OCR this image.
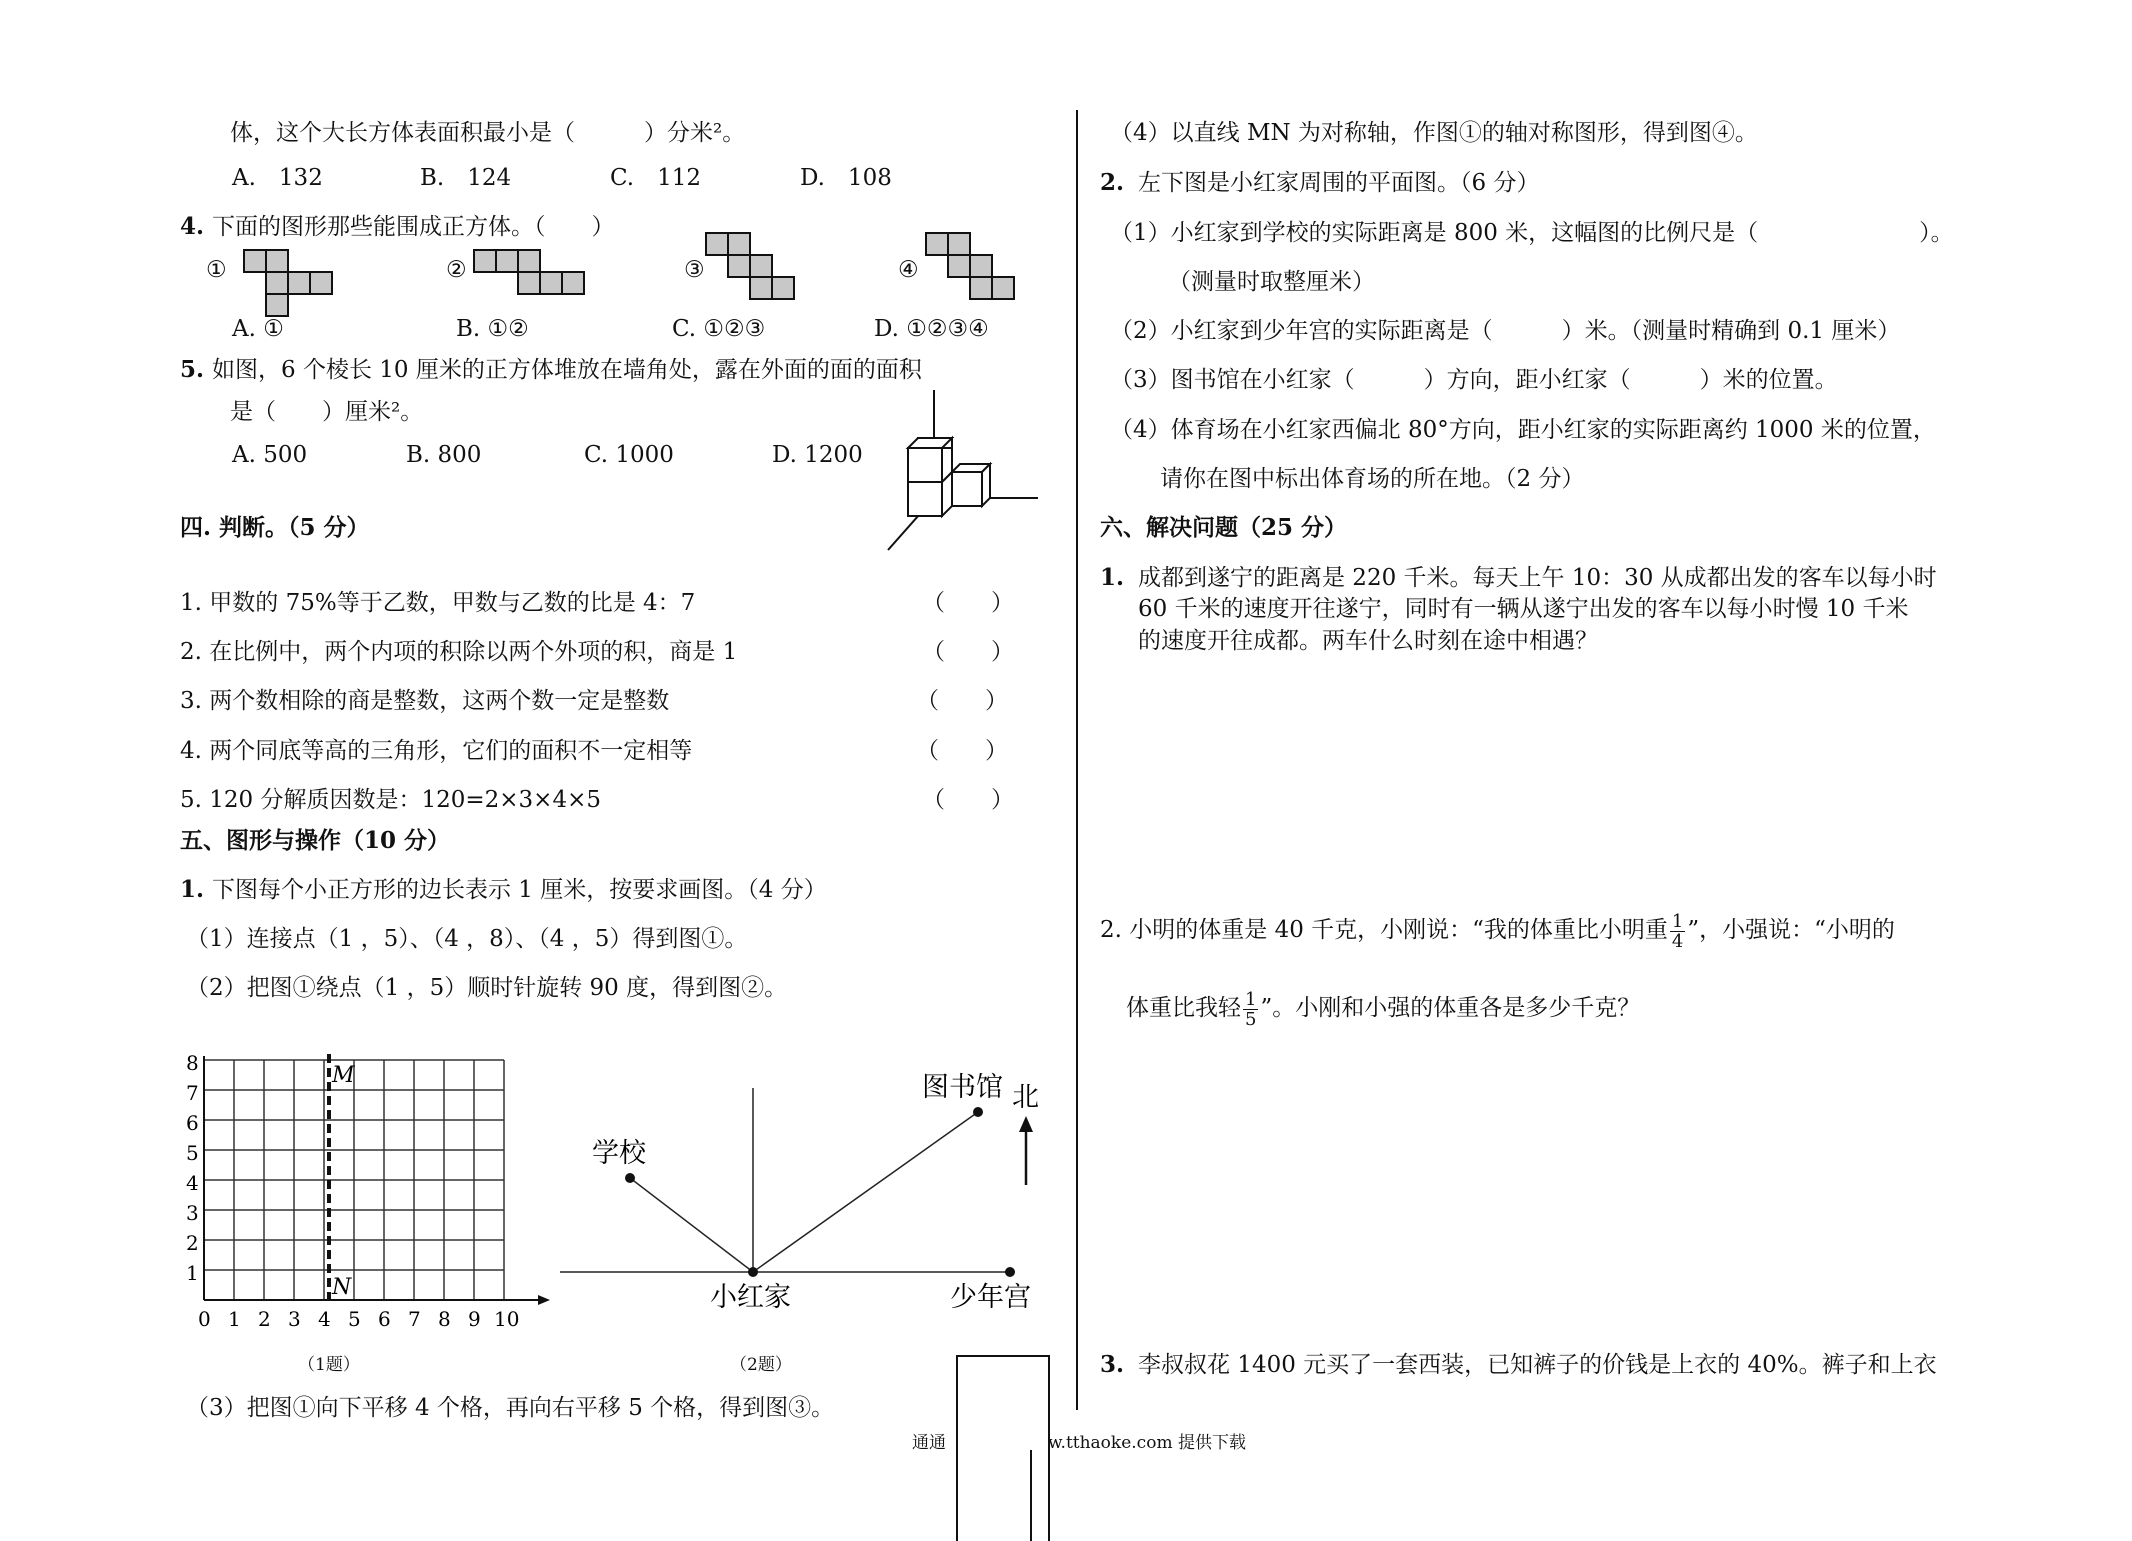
体，这个大长方体表面积最小是（　　　）分米²。
A.　132	B.　124	C.　112	D.　108
4. 下面的图形那些能围成正方体。（　　）
①	②	③	④
A. ①	B. ①②	C. ①②③	D. ①②③④
5. 如图，6 个棱长 10 厘米的正方体堆放在墙角处，露在外面的面的面积
是（　　）厘米²。
A. 500	B. 800	C. 1000	D. 1200
四. 判断。（5 分）
1. 甲数的 75%等于乙数，甲数与乙数的比是 4：7	（　　）
2. 在比例中，两个内项的积除以两个外项的积，商是 1	（　　）
3. 两个数相除的商是整数，这两个数一定是整数	（　　）
4. 两个同底等高的三角形，它们的面积不一定相等	（　　）
5. 120 分解质因数是：120=2×3×4×5	（　　）
五、图形与操作（10 分）
1. 下图每个小正方形的边长表示 1 厘米，按要求画图。（4 分）
（1）连接点（1 ，5）、（4 ，8）、（4 ，5）得到图①。
（2）把图①绕点（1 ，5）顺时针旋转 90 度，得到图②。
8
7
6
5
4
3
2
1
0 1 2 3 4 5 6 7 8 9 10
M
N
（1题）
学校
图书馆 北
小红家	少年宫
（2题）
（3）把图①向下平移 4 个格，再向右平移 5 个格，得到图③。
（4）以直线 MN 为对称轴，作图①的轴对称图形，得到图④。
2. 左下图是小红家周围的平面图。（6 分）
（1）小红家到学校的实际距离是 800 米，这幅图的比例尺是（　　　　　　　）。
（测量时取整厘米）
（2）小红家到少年宫的实际距离是（　　　）米。（测量时精确到 0.1 厘米）
（3）图书馆在小红家（　　　）方向，距小红家（　　　）米的位置。
（4）体育场在小红家西偏北 80°方向，距小红家的实际距离约 1000 米的位置，
请你在图中标出体育场的所在地。（2 分）
六、解决问题（25 分）
1. 成都到遂宁的距离是 220 千米。每天上午 10：30 从成都出发的客车以每小时
60 千米的速度开往遂宁，同时有一辆从遂宁出发的客车以每小时慢 10 千米
的速度开往成都。两车什么时刻在途中相遇？
2. 小明的体重是 40 千克，小刚说：“我的体重比小明重 $\frac{1}{4}$ ”，小强说：“小明的
体重比我轻 $\frac{1}{5}$ ”。小刚和小强的体重各是多少千克？
3. 李叔叔花 1400 元买了一套西装，已知裤子的价钱是上衣的 40%。裤子和上衣
通通　　　　　　w.tthaoke.com 提供下载
